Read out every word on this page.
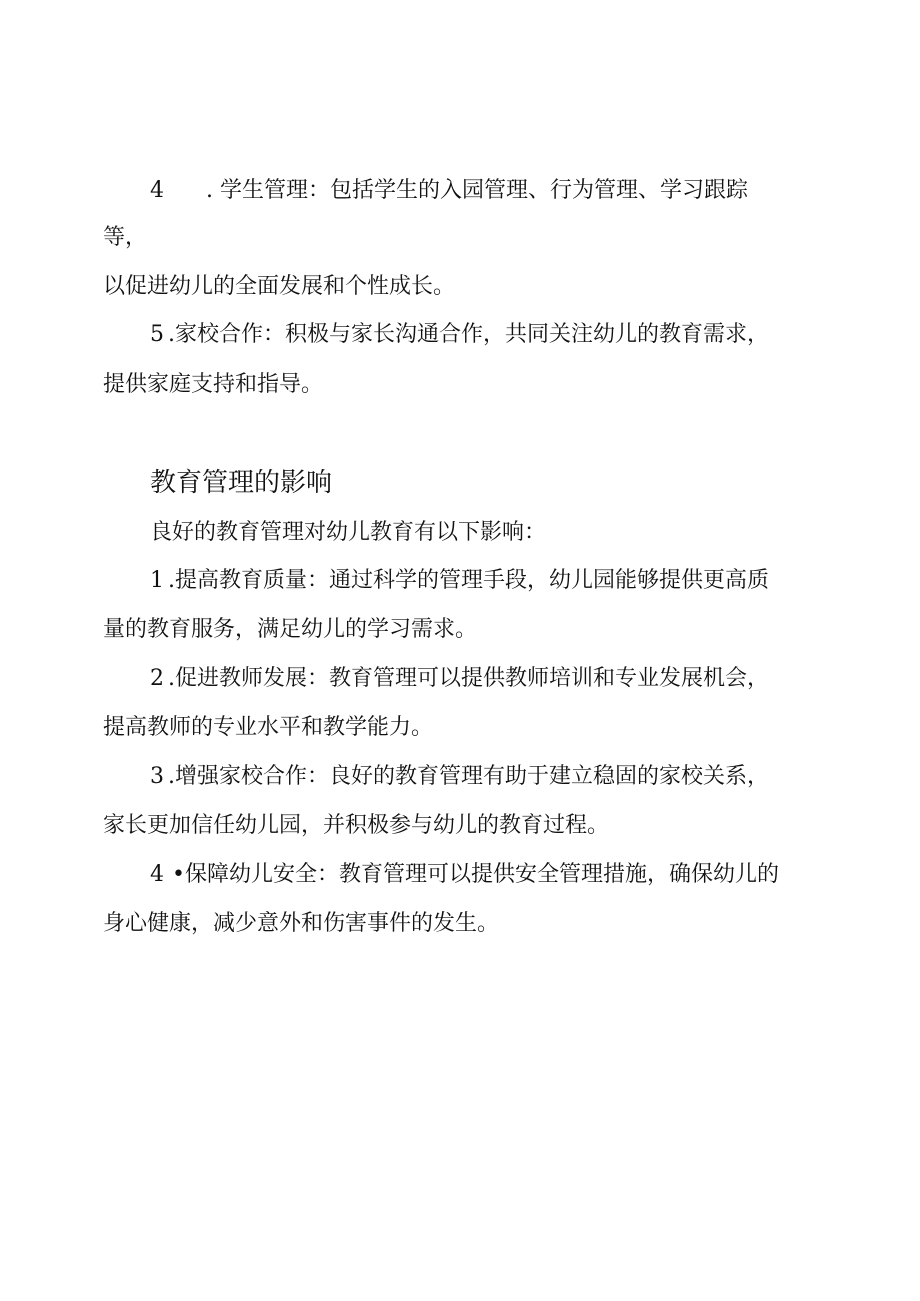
4 . 学生管理：包括学生的入园管理、行为管理、学习跟踪
等，
以促进幼儿的全面发展和个性成长。
5 .家校合作：积极与家长沟通合作，共同关注幼儿的教育需求，
提供家庭支持和指导。
教育管理的影响
良好的教育管理对幼儿教育有以下影响：
1 .提高教育质量：通过科学的管理手段，幼儿园能够提供更高质
量的教育服务，满足幼儿的学习需求。
2 .促进教师发展：教育管理可以提供教师培训和专业发展机会，
提高教师的专业水平和教学能力。
3 .增强家校合作：良好的教育管理有助于建立稳固的家校关系，
家长更加信任幼儿园，并积极参与幼儿的教育过程。
4 •保障幼儿安全：教育管理可以提供安全管理措施，确保幼儿的
身心健康，减少意外和伤害事件的发生。
